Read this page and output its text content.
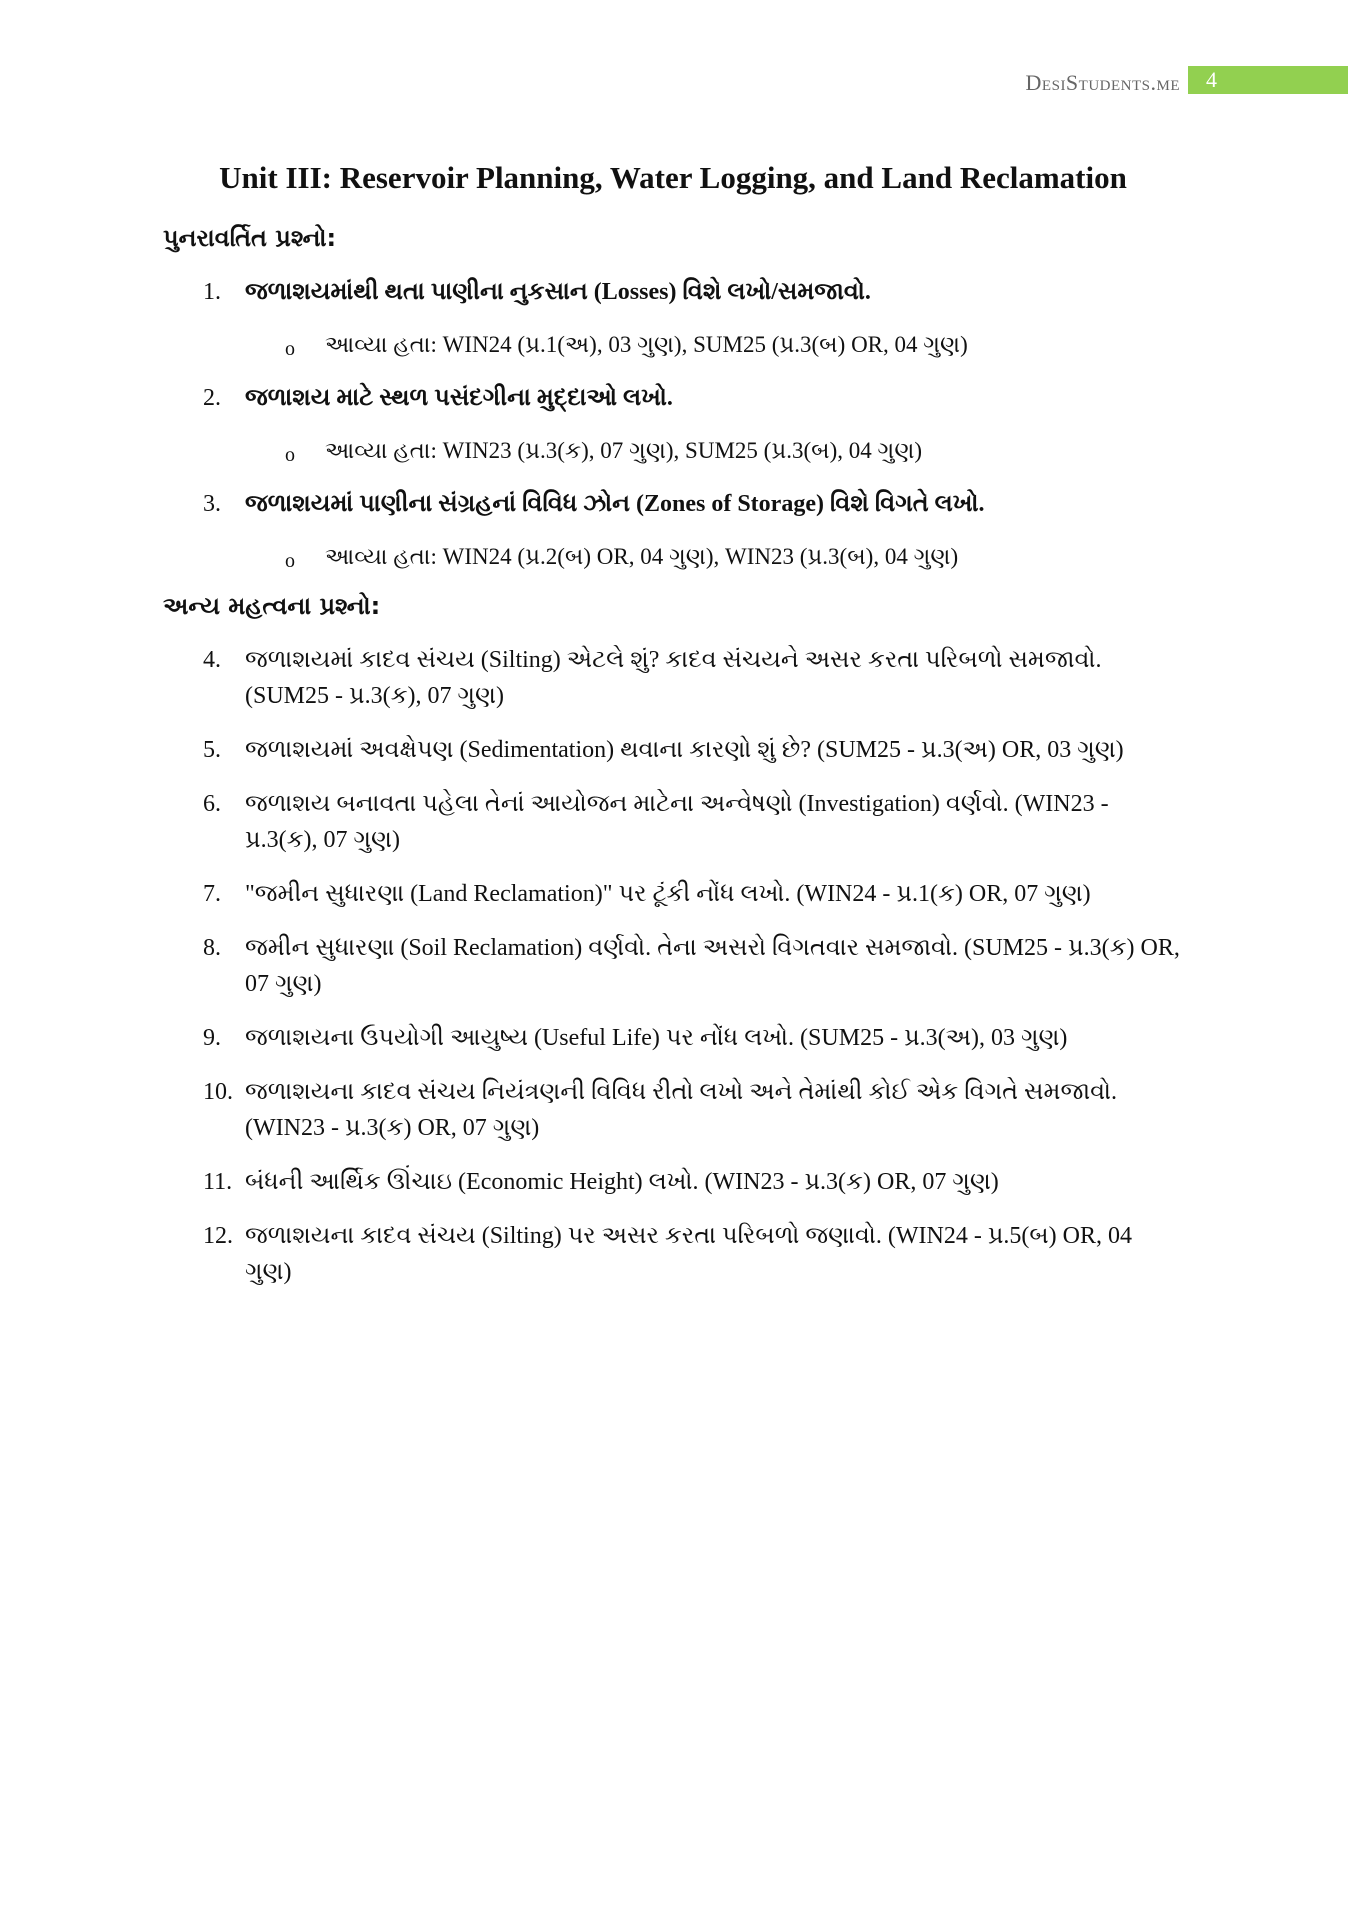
DesiStudents.me	4
Unit III: Reservoir Planning, Water Logging, and Land Reclamation
પુનરાવર્તિત પ્રશ્નો:
1. જળાશયમાંથી થતા પાણીના નુકસાન (Losses) વિશે લખો/સમજાવો.
o આવ્યા હતા: WIN24 (પ્ર.1(અ), 03 ગુણ), SUM25 (પ્ર.3(બ) OR, 04 ગુણ)
2. જળાશય માટે સ્થળ પસંદગીના મુદ્દાઓ લખો.
o આવ્યા હતા: WIN23 (પ્ર.3(ક), 07 ગુણ), SUM25 (પ્ર.3(બ), 04 ગુણ)
3. જળાશયમાં પાણીના સંગ્રહનાં વિવિધ ઝોન (Zones of Storage) વિશે વિગતે લખો.
o આવ્યા હતા: WIN24 (પ્ર.2(બ) OR, 04 ગુણ), WIN23 (પ્ર.3(બ), 04 ગુણ)
અન્ય મહત્વના પ્રશ્નો:
4. જળાશયમાં કાદવ સંચય (Silting) એટલે શું? કાદવ સંચયને અસર કરતા પરિબળો સમજાવો. (SUM25 - પ્ર.3(ક), 07 ગુણ)
5. જળાશયમાં અવક્ષેપણ (Sedimentation) થવાના કારણો શું છે? (SUM25 - પ્ર.3(અ) OR, 03 ગુણ)
6. જળાશય બનાવતા પહેલા તેનાં આયોજન માટેના અન્વેષણો (Investigation) વર્ણવો. (WIN23 - પ્ર.3(ક), 07 ગુણ)
7. "જમીન સુધારણા (Land Reclamation)" પર ટૂંકી નોંધ લખો. (WIN24 - પ્ર.1(ક) OR, 07 ગુણ)
8. જમીન સુધારણા (Soil Reclamation) વર્ણવો. તેના અસરો વિગતવાર સમજાવો. (SUM25 - પ્ર.3(ક) OR, 07 ગુણ)
9. જળાશયના ઉપયોગી આયુષ્ય (Useful Life) પર નોંધ લખો. (SUM25 - પ્ર.3(અ), 03 ગુણ)
10. જળાશયના કાદવ સંચય નિયંત્રણની વિવિધ રીતો લખો અને તેમાંથી કોઈ એક વિગતે સમજાવો. (WIN23 - પ્ર.3(ક) OR, 07 ગુણ)
11. બંધની આર્થિક ઊંચાઇ (Economic Height) લખો. (WIN23 - પ્ર.3(ક) OR, 07 ગુણ)
12. જળાશયના કાદવ સંચય (Silting) પર અસર કરતા પરિબળો જણાવો. (WIN24 - પ્ર.5(બ) OR, 04 ગુણ)
